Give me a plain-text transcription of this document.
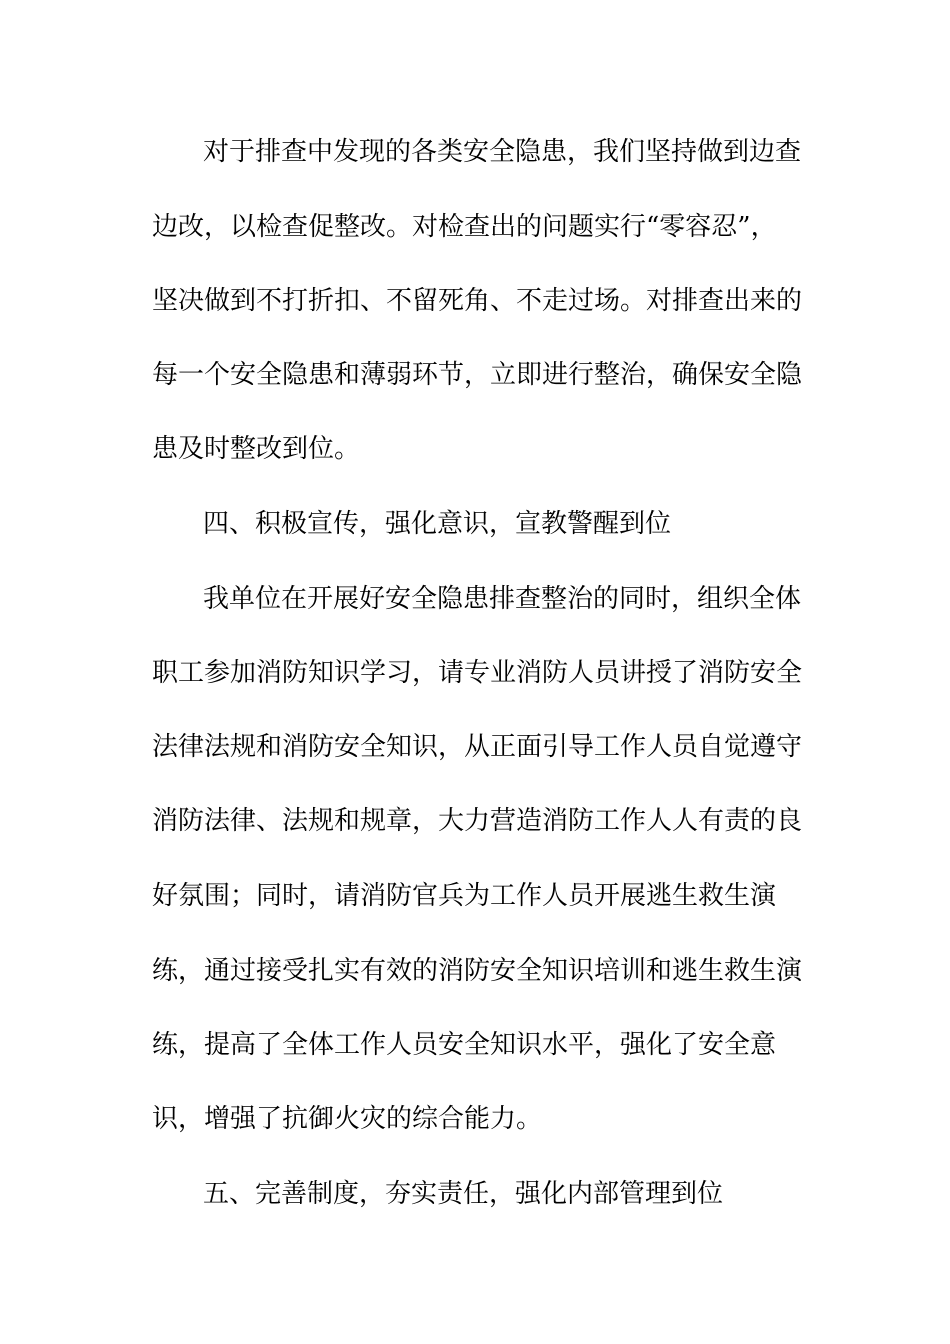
对于排查中发现的各类安全隐患，我们坚持做到边查
边改，以检查促整改。对检查出的问题实行“零容忍”，
坚决做到不打折扣、不留死角、不走过场。对排查出来的
每一个安全隐患和薄弱环节，立即进行整治，确保安全隐
患及时整改到位。
四、积极宣传，强化意识，宣教警醒到位
我单位在开展好安全隐患排查整治的同时，组织全体
职工参加消防知识学习，请专业消防人员讲授了消防安全
法律法规和消防安全知识，从正面引导工作人员自觉遵守
消防法律、法规和规章，大力营造消防工作人人有责的良
好氛围；同时，请消防官兵为工作人员开展逃生救生演
练，通过接受扎实有效的消防安全知识培训和逃生救生演
练，提高了全体工作人员安全知识水平，强化了安全意
识，增强了抗御火灾的综合能力。
五、完善制度，夯实责任，强化内部管理到位
